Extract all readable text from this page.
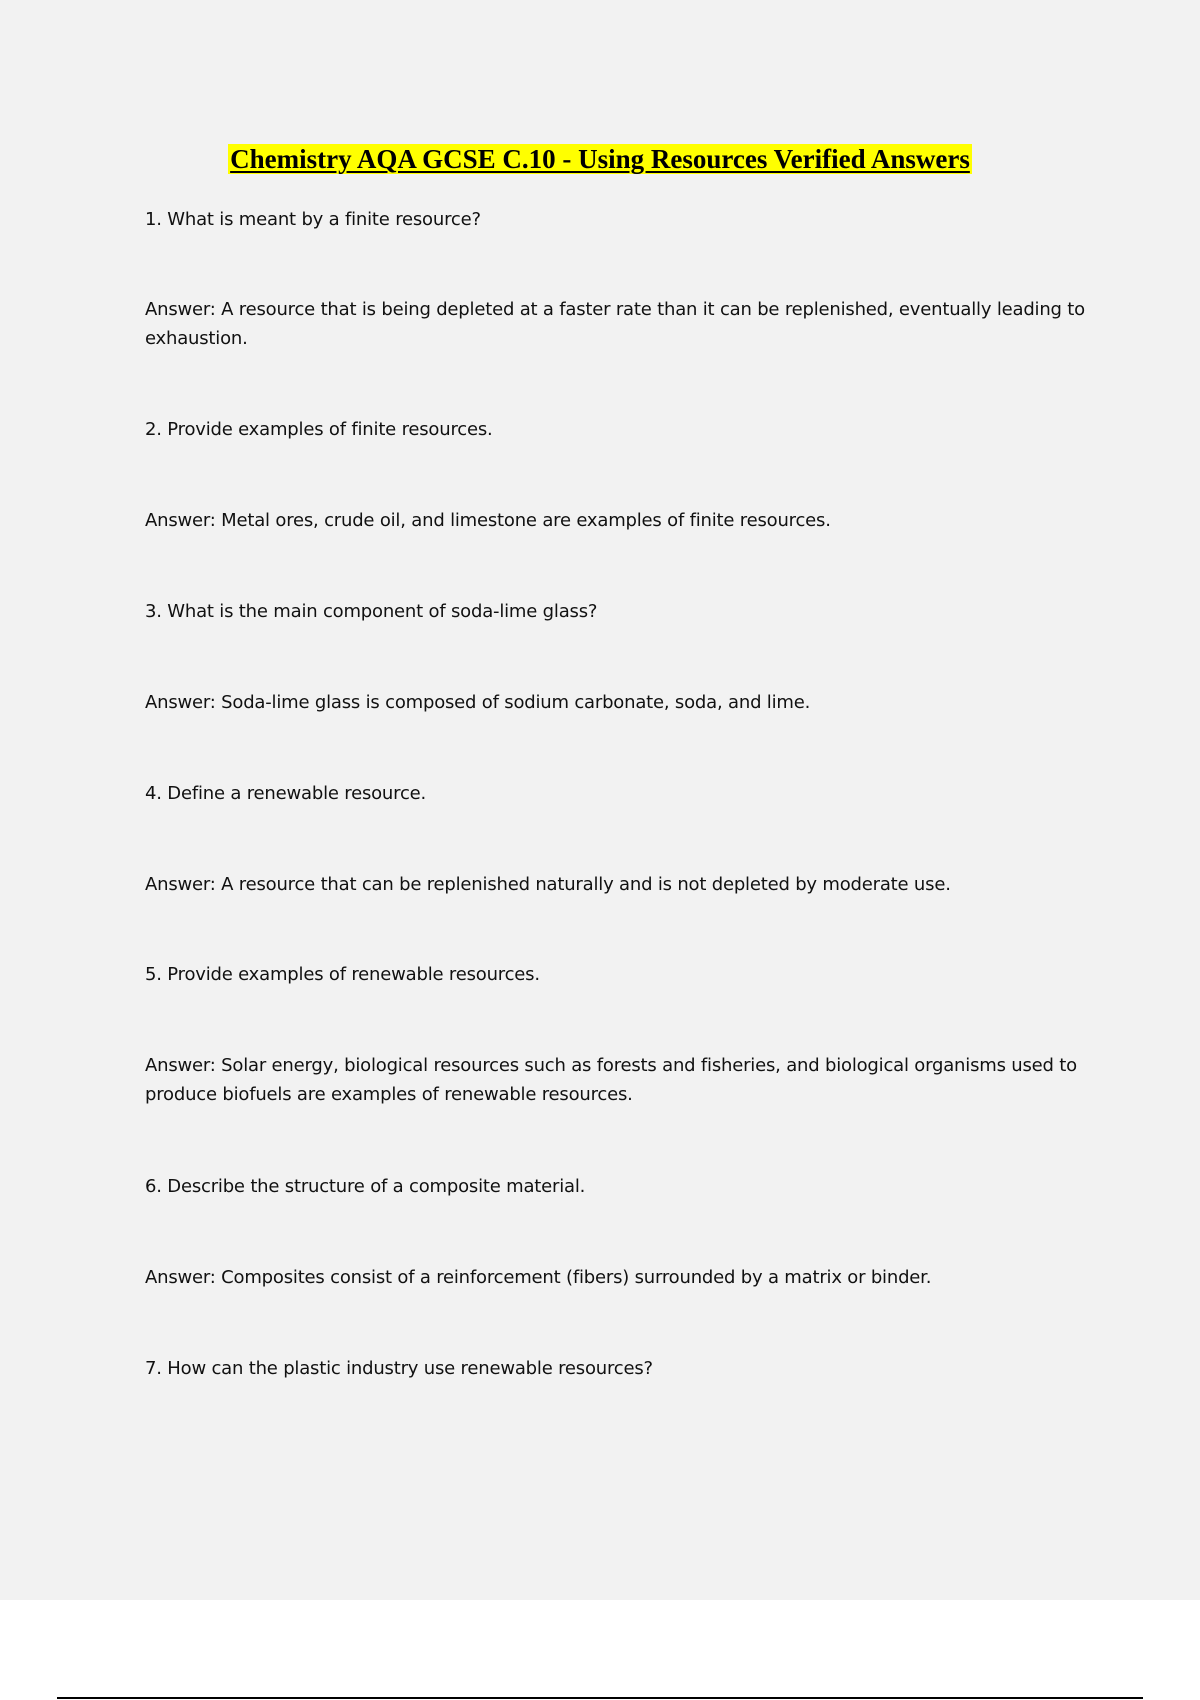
Chemistry AQA GCSE C.10 - Using Resources Verified Answers
1. What is meant by a finite resource?
Answer: A resource that is being depleted at a faster rate than it can be replenished, eventually leading to exhaustion.
2. Provide examples of finite resources.
Answer: Metal ores, crude oil, and limestone are examples of finite resources.
3. What is the main component of soda-lime glass?
Answer: Soda-lime glass is composed of sodium carbonate, soda, and lime.
4. Define a renewable resource.
Answer: A resource that can be replenished naturally and is not depleted by moderate use.
5. Provide examples of renewable resources.
Answer: Solar energy, biological resources such as forests and fisheries, and biological organisms used to produce biofuels are examples of renewable resources.
6. Describe the structure of a composite material.
Answer: Composites consist of a reinforcement (fibers) surrounded by a matrix or binder.
7. How can the plastic industry use renewable resources?
